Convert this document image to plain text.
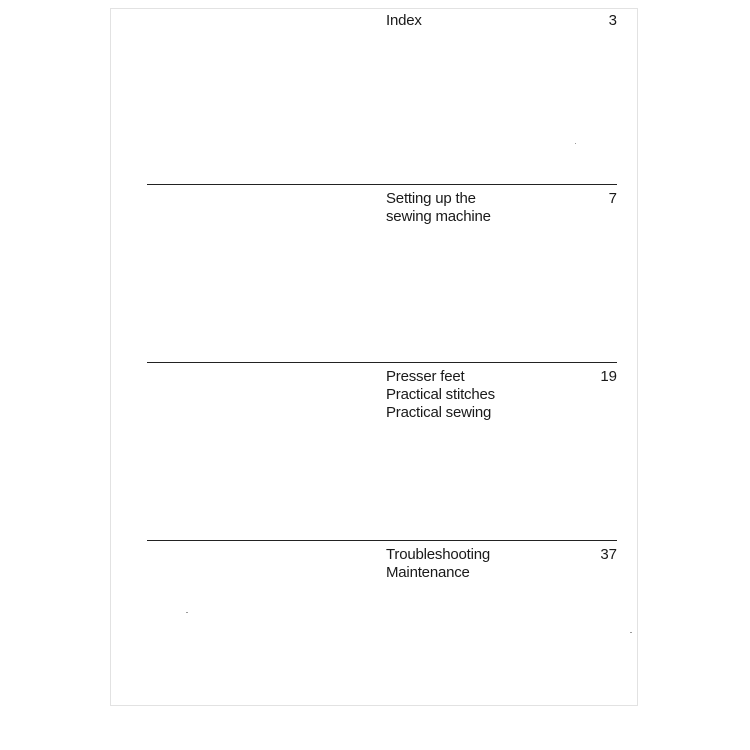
Index	3
Setting up the
sewing machine
7
Presser feet
Practical stitches
Practical sewing
19
Troubleshooting
Maintenance
37
